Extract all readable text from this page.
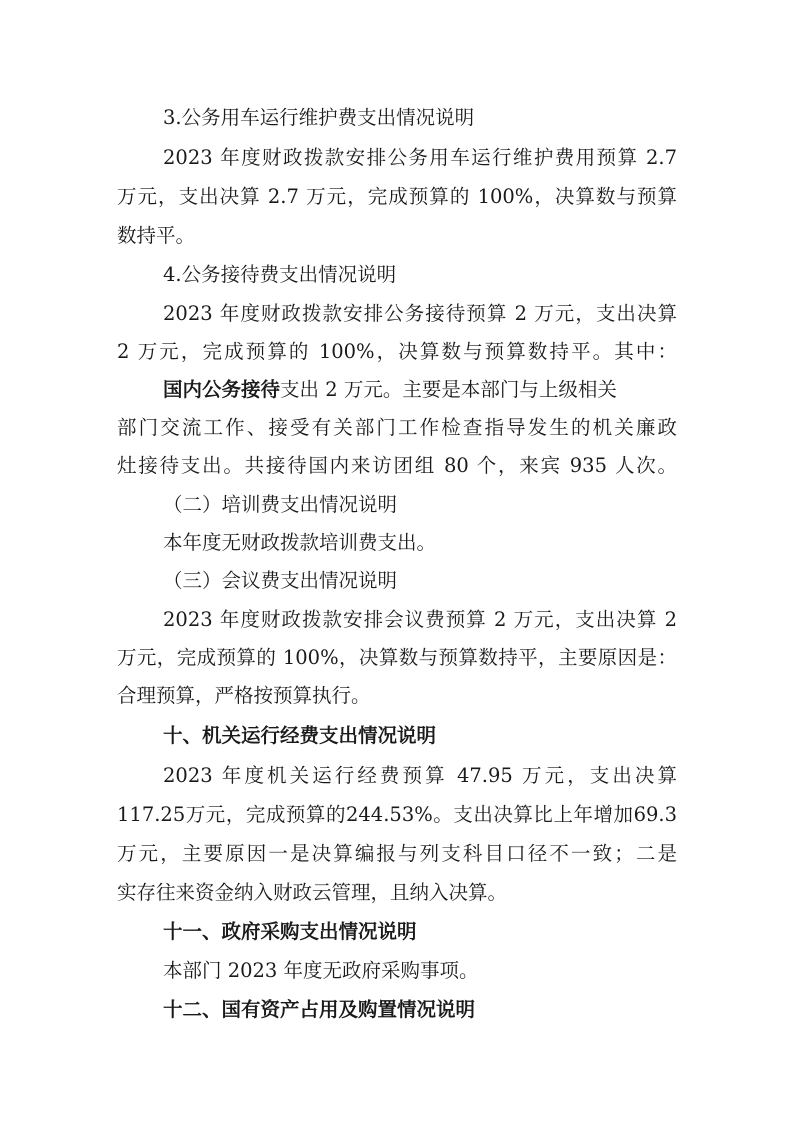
3.公务用车运行维护费支出情况说明
2023 年度财政拨款安排公务用车运行维护费用预算 2.7
万元，支出决算 2.7 万元，完成预算的 100%，决算数与预算
数持平。
4.公务接待费支出情况说明
2023 年度财政拨款安排公务接待预算 2 万元，支出决算
2 万元，完成预算的 100%，决算数与预算数持平。其中：
国内公务接待支出 2 万元。主要是本部门与上级相关
部门交流工作、接受有关部门工作检查指导发生的机关廉政
灶接待支出。共接待国内来访团组 80 个，来宾 935 人次。
（二）培训费支出情况说明
本年度无财政拨款培训费支出。
（三）会议费支出情况说明
2023 年度财政拨款安排会议费预算 2 万元，支出决算 2
万元，完成预算的 100%，决算数与预算数持平，主要原因是：
合理预算，严格按预算执行。
十、机关运行经费支出情况说明
2023 年度机关运行经费预算 47.95 万元，支出决算
117.25万元，完成预算的244.53%。支出决算比上年增加69.3
万元，主要原因一是决算编报与列支科目口径不一致；二是
实存往来资金纳入财政云管理，且纳入决算。
十一、政府采购支出情况说明
本部门 2023 年度无政府采购事项。
十二、国有资产占用及购置情况说明
